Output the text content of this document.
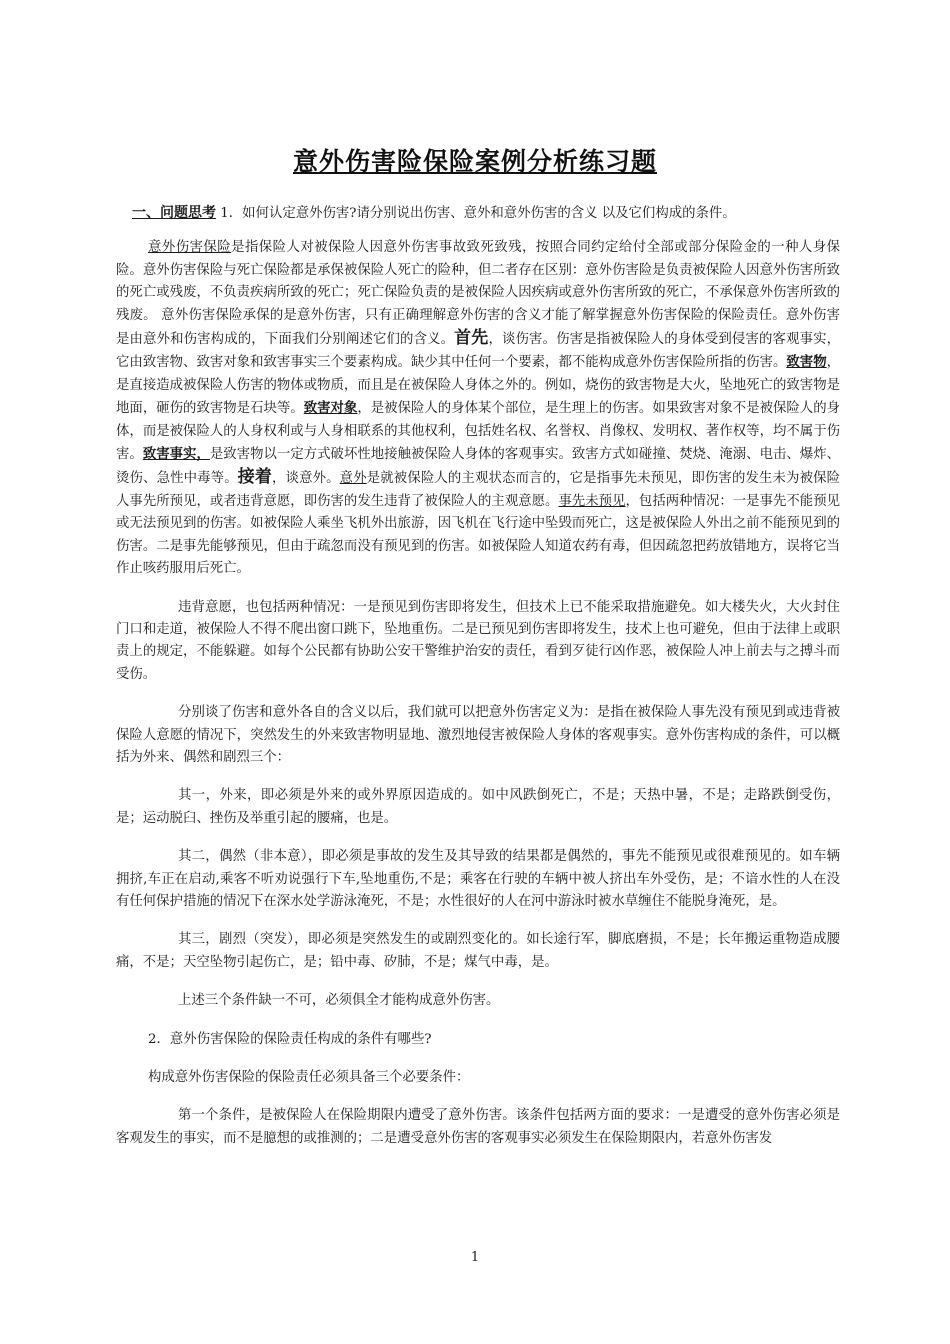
意外伤害险保险案例分析练习题

一、问题思考 1．如何认定意外伤害?请分别说出伤害、意外和意外伤害的含义 以及它们构成的条件。

意外伤害保险是指保险人对被保险人因意外伤害事故致死致残，按照合同约定给付全部或部分保险金的一种人身保险。意外伤害保险与死亡保险都是承保被保险人死亡的险种，但二者存在区别：意外伤害险是负责被保险人因意外伤害所致的死亡或残废，不负责疾病所致的死亡；死亡保险负责的是被保险人因疾病或意外伤害所致的死亡，不承保意外伤害所致的残废。 意外伤害保险承保的是意外伤害，只有正确理解意外伤害的含义才能了解掌握意外伤害保险的保险责任。意外伤害是由意外和伤害构成的，下面我们分别阐述它们的含义。首先，谈伤害。伤害是指被保险人的身体受到侵害的客观事实，它由致害物、致害对象和致害事实三个要素构成。缺少其中任何一个要素，都不能构成意外伤害保险所指的伤害。致害物，是直接造成被保险人伤害的物体或物质，而且是在被保险人身体之外的。例如，烧伤的致害物是大火，坠地死亡的致害物是地面，砸伤的致害物是石块等。致害对象，是被保险人的身体某个部位，是生理上的伤害。如果致害对象不是被保险人的身体，而是被保险人的人身权利或与人身相联系的其他权利，包括姓名权、名誉权、肖像权、发明权、著作权等，均不属于伤害。致害事实，是致害物以一定方式破坏性地接触被保险人身体的客观事实。致害方式如碰撞、焚烧、淹溺、电击、爆炸、烫伤、急性中毒等。接着，谈意外。意外是就被保险人的主观状态而言的，它是指事先未预见，即伤害的发生未为被保险人事先所预见，或者违背意愿，即伤害的发生违背了被保险人的主观意愿。事先未预见，包括两种情况：一是事先不能预见或无法预见到的伤害。如被保险人乘坐飞机外出旅游，因飞机在飞行途中坠毁而死亡，这是被保险人外出之前不能预见到的伤害。二是事先能够预见，但由于疏忽而没有预见到的伤害。如被保险人知道农药有毒，但因疏忽把药放错地方，误将它当作止咳药服用后死亡。

违背意愿，也包括两种情况：一是预见到伤害即将发生，但技术上已不能采取措施避免。如大楼失火，大火封住门口和走道，被保险人不得不爬出窗口跳下，坠地重伤。二是已预见到伤害即将发生，技术上也可避免，但由于法律上或职责上的规定，不能躲避。如每个公民都有协助公安干警维护治安的责任，看到歹徒行凶作恶，被保险人冲上前去与之搏斗而受伤。

分别谈了伤害和意外各自的含义以后，我们就可以把意外伤害定义为：是指在被保险人事先没有预见到或违背被保险人意愿的情况下，突然发生的外来致害物明显地、激烈地侵害被保险人身体的客观事实。意外伤害构成的条件，可以概括为外来、偶然和剧烈三个：

其一，外来，即必须是外来的或外界原因造成的。如中风跌倒死亡，不是；天热中暑，不是；走路跌倒受伤，是；运动脱臼、挫伤及举重引起的腰痛，也是。

其二，偶然（非本意），即必须是事故的发生及其导致的结果都是偶然的，事先不能预见或很难预见的。如车辆拥挤,车正在启动,乘客不听劝说强行下车,坠地重伤,不是；乘客在行驶的车辆中被人挤出车外受伤，是；不谙水性的人在没有任何保护措施的情况下在深水处学游泳淹死，不是；水性很好的人在河中游泳时被水草缠住不能脱身淹死，是。

其三，剧烈（突发），即必须是突然发生的或剧烈变化的。如长途行军，脚底磨损，不是；长年搬运重物造成腰痛，不是；天空坠物引起伤亡，是；铅中毒、矽肺，不是；煤气中毒，是。

上述三个条件缺一不可，必须俱全才能构成意外伤害。

2．意外伤害保险的保险责任构成的条件有哪些?

构成意外伤害保险的保险责任必须具备三个必要条件：

第一个条件，是被保险人在保险期限内遭受了意外伤害。该条件包括两方面的要求：一是遭受的意外伤害必须是客观发生的事实，而不是臆想的或推测的；二是遭受意外伤害的客观事实必须发生在保险期限内，若意外伤害发

1
